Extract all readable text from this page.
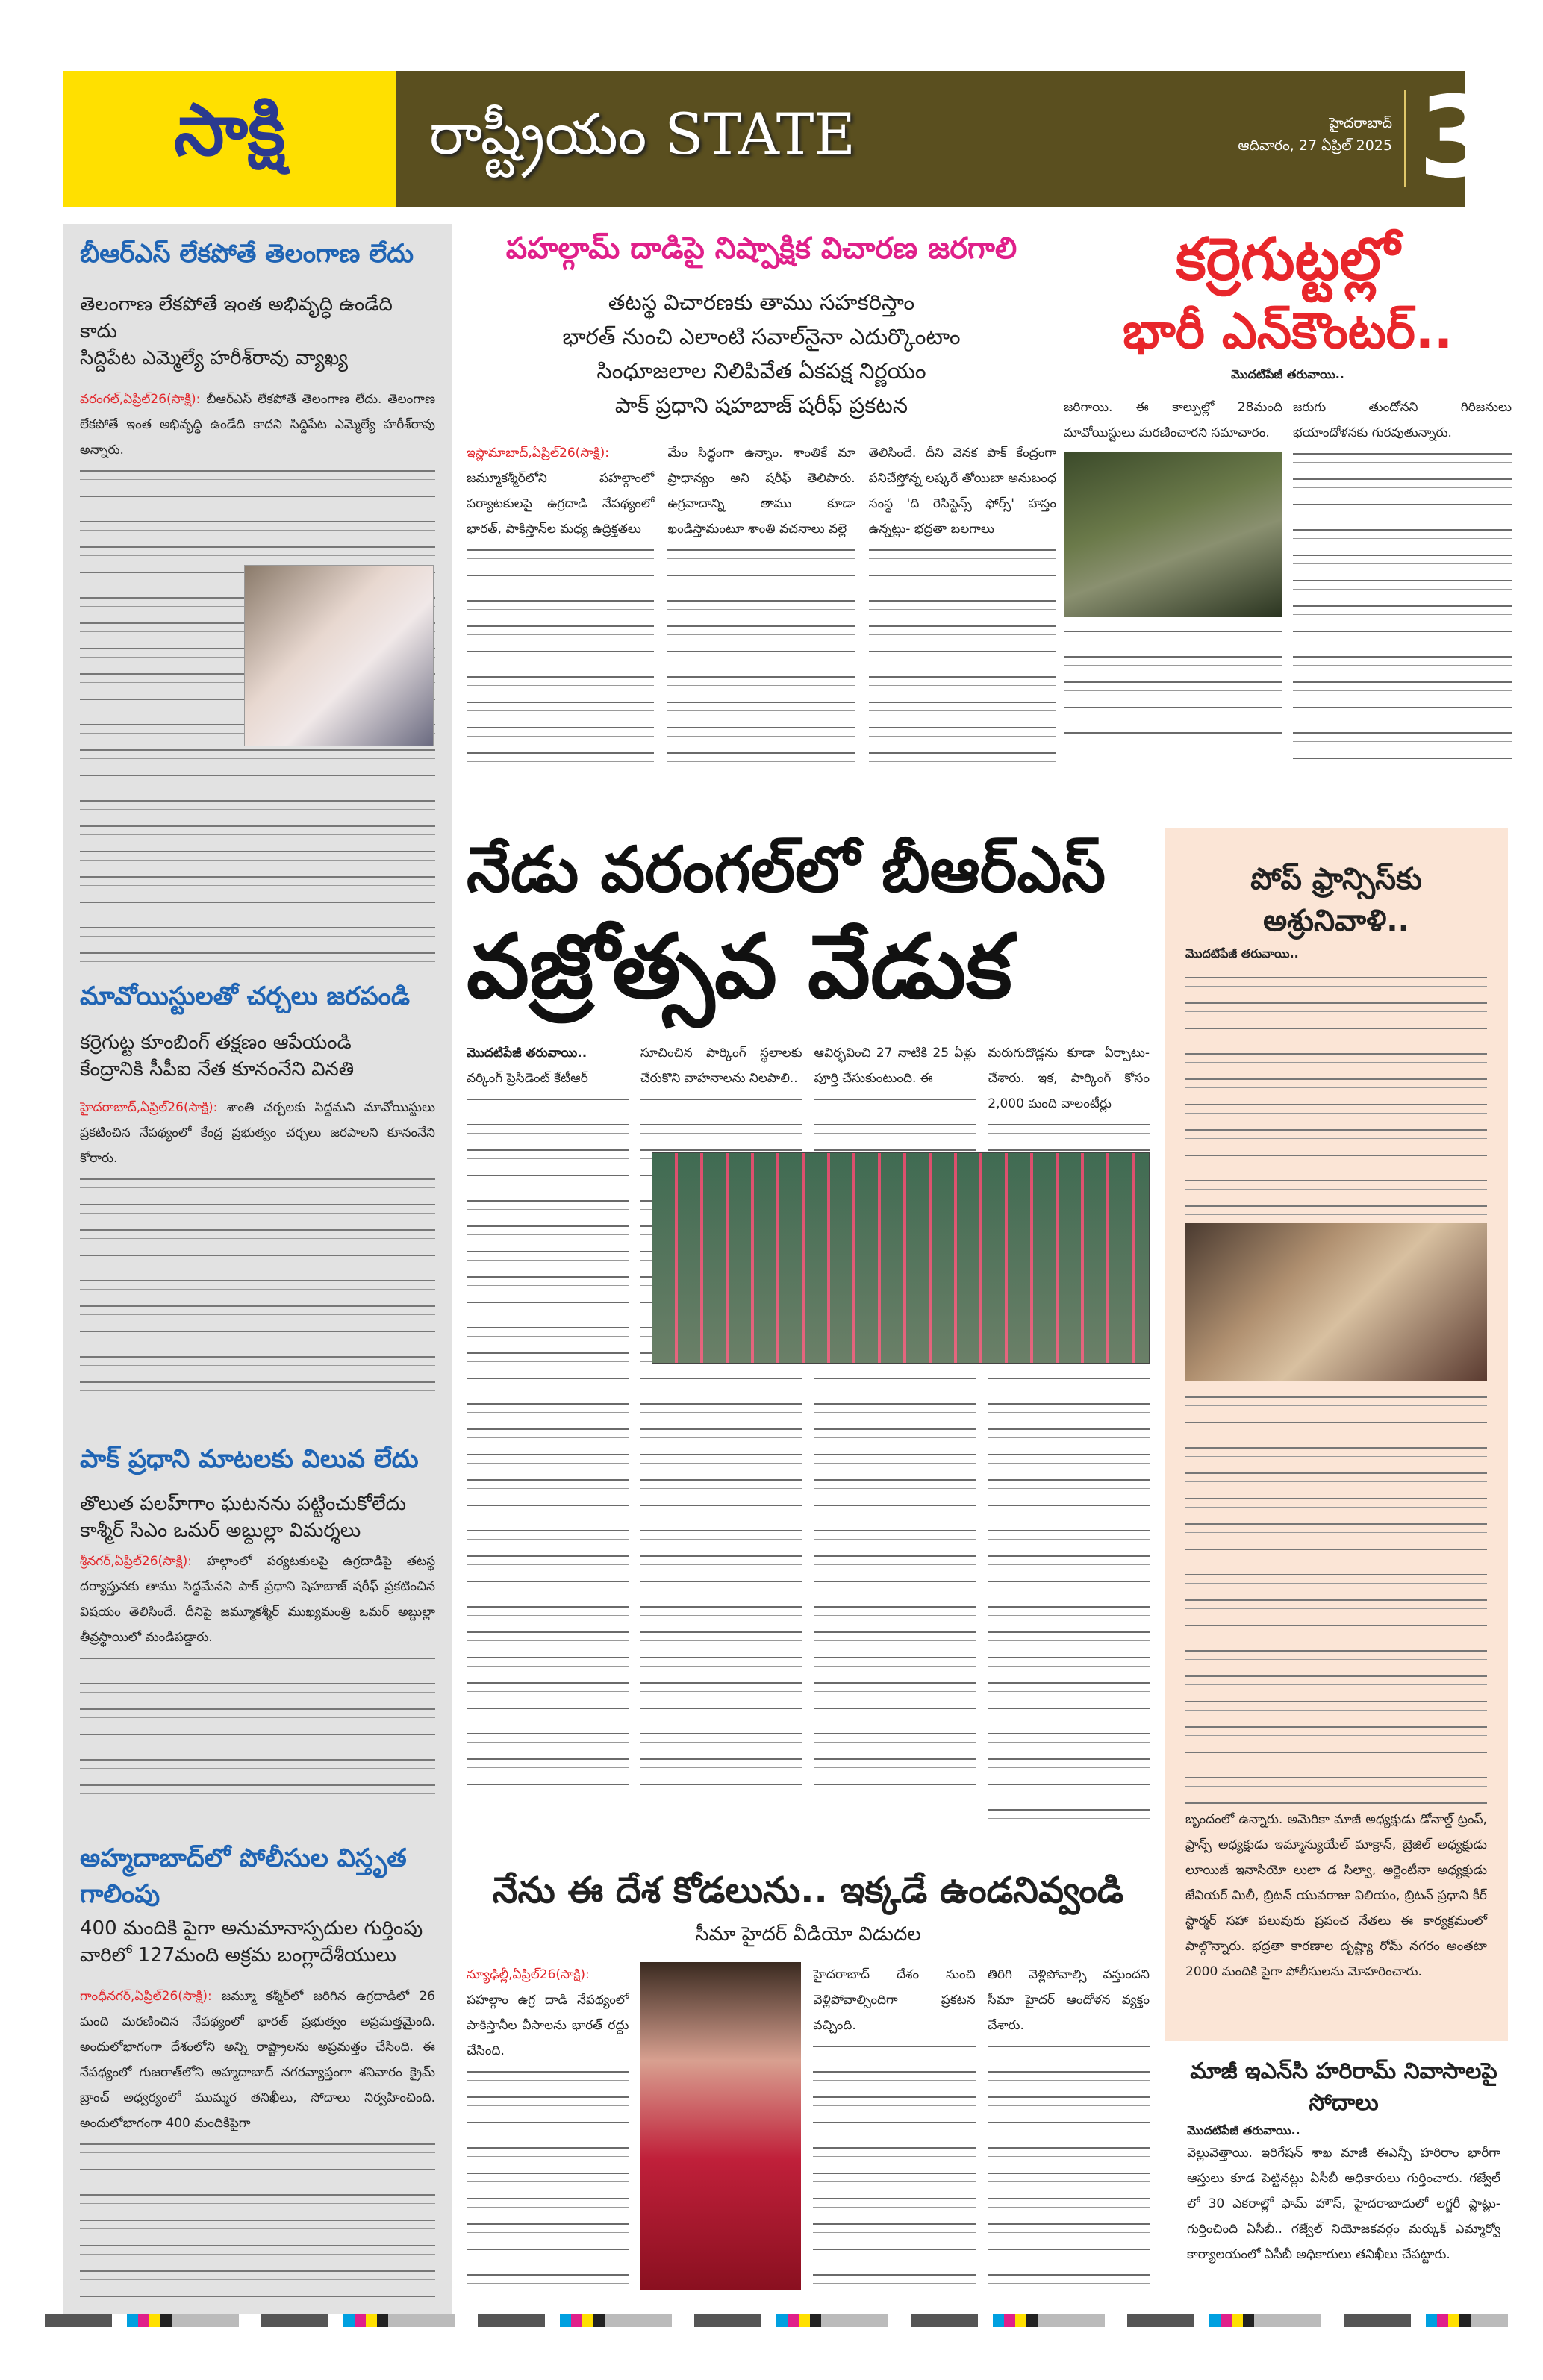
సాక్షి	రాష్ట్రీయం STATE	హైదరాబాద్
ఆదివారం, 27 ఏప్రిల్ 2025 3
బీఆర్ఎస్ లేకపోతే తెలంగాణ లేదు
తెలంగాణ లేకపోతే ఇంత అభివృద్ధి ఉండేది కాదు
సిద్దిపేట ఎమ్మెల్యే హరీశ్‌రావు వ్యాఖ్య
వరంగల్,ఏప్రిల్26(సాక్షి): బీఆర్ఎస్ లేకపోతే తెలంగాణ లేదు. తెలంగాణ లేకపోతే ఇంత అభివృద్ధి ఉండేది కాదని సిద్దిపేట ఎమ్మెల్యే హరీశ్‌రావు అన్నారు.
మావోయిస్టులతో చర్చలు జరపండి
కర్రెగుట్ట కూంబింగ్ తక్షణం ఆపేయండి
కేంద్రానికి సీపీఐ నేత కూనంనేని వినతి
హైదరాబాద్,ఏప్రిల్26(సాక్షి): శాంతి చర్చలకు సిద్ధమని మావోయిస్టులు ప్రకటించిన నేపథ్యంలో కేంద్ర ప్రభుత్వం చర్చలు జరపాలని కూనంనేని కోరారు.
పాక్ ప్రధాని మాటలకు విలువ లేదు
తొలుత పలహ్‌గాం ఘటనను పట్టించుకోలేదు
కాశ్మీర్ సిఎం ఒమర్ అబ్దుల్లా విమర్శలు
శ్రీనగర్,ఏప్రిల్26(సాక్షి): హల్గాంలో పర్యటకులపై ఉగ్రదాడిపై తటస్థ దర్యాప్తునకు తాము సిద్ధమేనని పాక్ ప్రధాని షెహబాజ్ షరీఫ్ ప్రకటించిన విషయం తెలిసిందే. దీనిపై జమ్మూకశ్మీర్ ముఖ్యమంత్రి ఒమర్ అబ్దుల్లా తీవ్రస్థాయిలో మండిపడ్డారు.
అహ్మదాబాద్‌లో పోలీసుల విస్తృత గాలింపు
400 మందికి పైగా అనుమానాస్పదుల గుర్తింపు
వారిలో 127మంది అక్రమ బంగ్లాదేశీయులు
గాంధీనగర్,ఏప్రిల్26(సాక్షి): జమ్మూ కశ్మీర్‌లో జరిగిన ఉగ్రదాడిలో 26 మంది మరణించిన నేపథ్యంలో భారత్ ప్రభుత్వం అప్రమత్తమైంది. అందులోభాగంగా దేశంలోని అన్ని రాష్ట్రాలను అప్రమత్తం చేసింది. ఈ నేపథ్యంలో గుజరాత్‌లోని అహ్మదాబాద్ నగరవ్యాప్తంగా శనివారం క్రైమ్ బ్రాంచ్ అధ్వర్యంలో ముమ్మర తనిఖీలు, సోదాలు నిర్వహించింది. అందులోభాగంగా 400 మందికిపైగా
పహల్గామ్ దాడిపై నిష్పాక్షిక విచారణ జరగాలి
తటస్థ విచారణకు తాము సహకరిస్తాం
భారత్ నుంచి ఎలాంటి సవాల్‌నైనా ఎదుర్కొంటాం
సింధూజలాల నిలిపివేత ఏకపక్ష నిర్ణయం
పాక్ ప్రధాని షహబాజ్ షరీఫ్ ప్రకటన
ఇస్లామాబాద్,ఏప్రిల్26(సాక్షి):
జమ్మూకశ్మీర్‌లోని పహల్గాంలో పర్యాటకులపై ఉగ్రదాడి నేపథ్యంలో భారత్, పాకిస్తాన్‌ల మధ్య ఉద్రిక్తతలు
మేం సిద్ధంగా ఉన్నాం. శాంతికే మా ప్రాధాన్యం అని షరీఫ్ తెలిపారు. ఉగ్రవాదాన్ని తాము కూడా ఖండిస్తామంటూ శాంతి వచనాలు వల్లె
తెలిసిందే. దీని వెనక పాక్ కేంద్రంగా పనిచేస్తోన్న లష్కరే తోయిబా అనుబంధ సంస్థ 'ది రెసిస్టెన్స్ ఫోర్స్' హస్తం ఉన్నట్లు- భద్రతా బలగాలు
కర్రెగుట్టల్లో
భారీ ఎన్‌కౌంటర్..
మొదటిపేజీ తరువాయి..
జరిగాయి. ఈ కాల్పుల్లో 28మంది మావోయిస్టులు మరణించారని సమాచారం.
జరుగు తుందోనని గిరిజనులు భయాందోళనకు గురవుతున్నారు.
నేడు వరంగల్‌లో బీఆర్ఎస్
వజ్రోత్సవ వేడుక
మొదటిపేజీ తరువాయి..
వర్కింగ్ ప్రెసిడెంట్ కేటీఆర్
సూచించిన పార్కింగ్ స్థలాలకు చేరుకొని వాహనాలను నిలపాలి..
ఆవిర్భవించి 27 నాటికి 25 ఏళ్లు పూర్తి చేసుకుంటుంది. ఈ
మరుగుదొడ్లను కూడా ఏర్పాటు- చేశారు. ఇక, పార్కింగ్ కోసం 2,000 మంది వాలంటీర్లు
పోప్ ఫ్రాన్సిస్‌కు అశ్రునివాళి..
మొదటిపేజీ తరువాయి..
బృందంలో ఉన్నారు. అమెరికా మాజీ అధ్యక్షుడు డోనాల్డ్ ట్రంప్, ఫ్రాన్స్ అధ్యక్షుడు ఇమ్మాన్యుయేల్ మాక్రాన్, బ్రెజిల్ అధ్యక్షుడు లూయిజ్ ఇనాసియో లులా డ సిల్వా, అర్జెంటీనా అధ్యక్షుడు జేవియర్ మిలీ, బ్రిటన్ యువరాజు విలియం, బ్రిటన్ ప్రధాని కీర్ స్టార్మర్ సహా పలువురు ప్రపంచ నేతలు ఈ కార్యక్రమంలో పాల్గొన్నారు. భద్రతా కారణాల దృష్ట్యా రోమ్ నగరం అంతటా 2000 మందికి పైగా పోలీసులను మోహరించారు.
నేను ఈ దేశ కోడలును.. ఇక్కడే ఉండనివ్వండి
సీమా హైదర్ వీడియో విడుదల
న్యూఢిల్లీ,ఏప్రిల్26(సాక్షి):
పహల్గాం ఉగ్ర దాడి నేపథ్యంలో పాకిస్తానీల వీసాలను భారత్ రద్దు చేసింది.
హైదరాబాద్ దేశం నుంచి వెళ్లిపోవాల్సిందిగా ప్రకటన వచ్చింది.
తిరిగి వెళ్లిపోవాల్సి వస్తుందని సీమా హైదర్ ఆందోళన వ్యక్తం చేశారు.
మాజీ ఇఎన్‌సి హరిరామ్ నివాసాలపై సోదాలు
మొదటిపేజీ తరువాయి..
వెల్లువెత్తాయి. ఇరిగేషన్ శాఖ మాజీ ఈఎన్సీ హరిరాం భారీగా ఆస్తులు కూడ పెట్టినట్లు ఏసీబీ అధికారులు గుర్తించారు. గజ్వేల్ లో 30 ఎకరాల్లో ఫామ్ హౌస్, హైదరాబాదులో లగ్జరీ ప్లాట్లు- గుర్తించింది ఏసీబీ.. గజ్వేల్ నియోజకవర్గం మర్కుక్ ఎమ్మార్వో కార్యాలయంలో ఏసీబీ అధికారులు తనిఖీలు చేపట్టారు.
